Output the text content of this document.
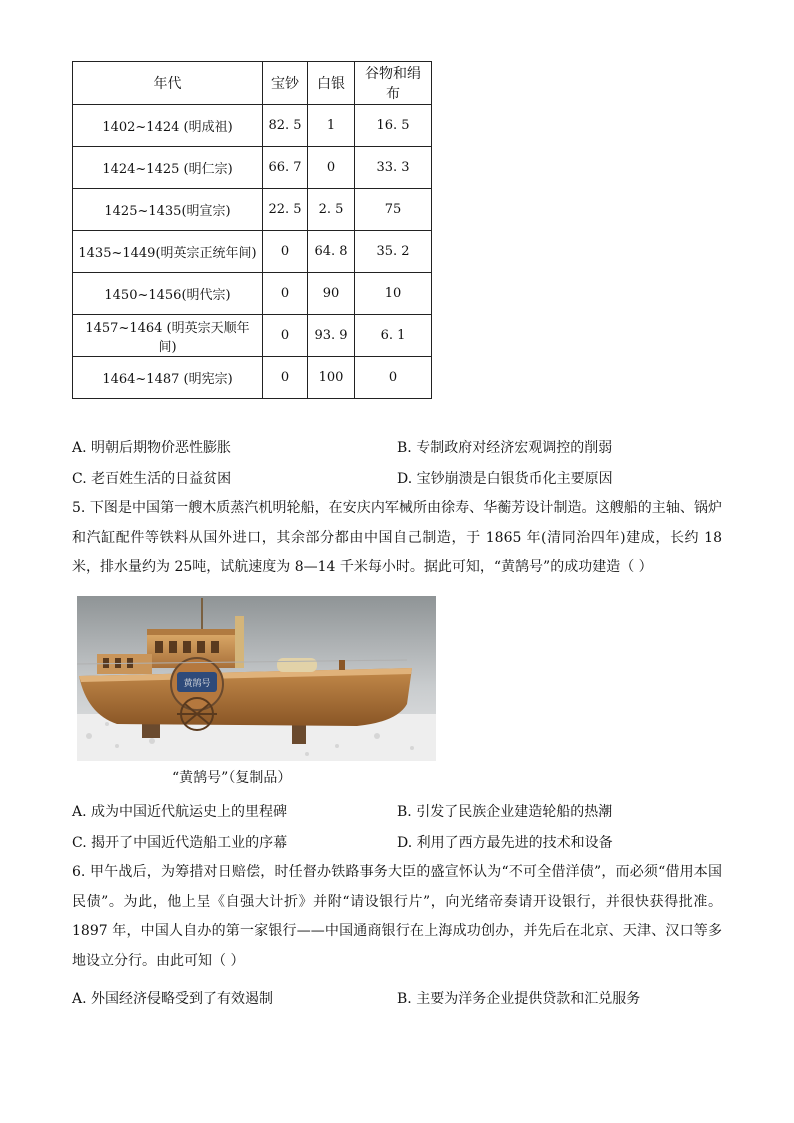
年代	宝钞	白银	谷物和绢布
1402~1424 (明成祖)	82. 5	1	16. 5
1424~1425 (明仁宗)	66. 7	0	33. 3
1425~1435(明宣宗)	22. 5	2. 5	75
1435~1449(明英宗正统年间)	0	64. 8	35. 2
1450~1456(明代宗)	0	90	10
1457~1464 (明英宗天顺年间)	0	93. 9	6. 1
1464~1487 (明宪宗)	0	100	0
A. 明朝后期物价恶性膨胀	B. 专制政府对经济宏观调控的削弱
C. 老百姓生活的日益贫困	D. 宝钞崩溃是白银货币化主要原因
5. 下图是中国第一艘木质蒸汽机明轮船，在安庆内军械所由徐寿、华蘅芳设计制造。这艘船的主轴、锅炉和汽缸配件等铁料从国外进口，其余部分都由中国自己制造，于 1865 年(清同治四年)建成，长约 18 米，排水量约为 25吨，试航速度为 8—14 千米每小时。据此可知，“黄鹄号”的成功建造（ ）
黄鹄号
“黄鹄号”（复制品）
A. 成为中国近代航运史上的里程碑	B. 引发了民族企业建造轮船的热潮
C. 揭开了中国近代造船工业的序幕	D. 利用了西方最先进的技术和设备
6. 甲午战后，为筹措对日赔偿，时任督办铁路事务大臣的盛宣怀认为“不可全借洋债”，而必须“借用本国民债”。为此，他上呈《自强大计折》并附“请设银行片”，向光绪帝奏请开设银行，并很快获得批准。1897 年，中国人自办的第一家银行——中国通商银行在上海成功创办，并先后在北京、天津、汉口等多地设立分行。由此可知（ ）
A. 外国经济侵略受到了有效遏制	B. 主要为洋务企业提供贷款和汇兑服务
